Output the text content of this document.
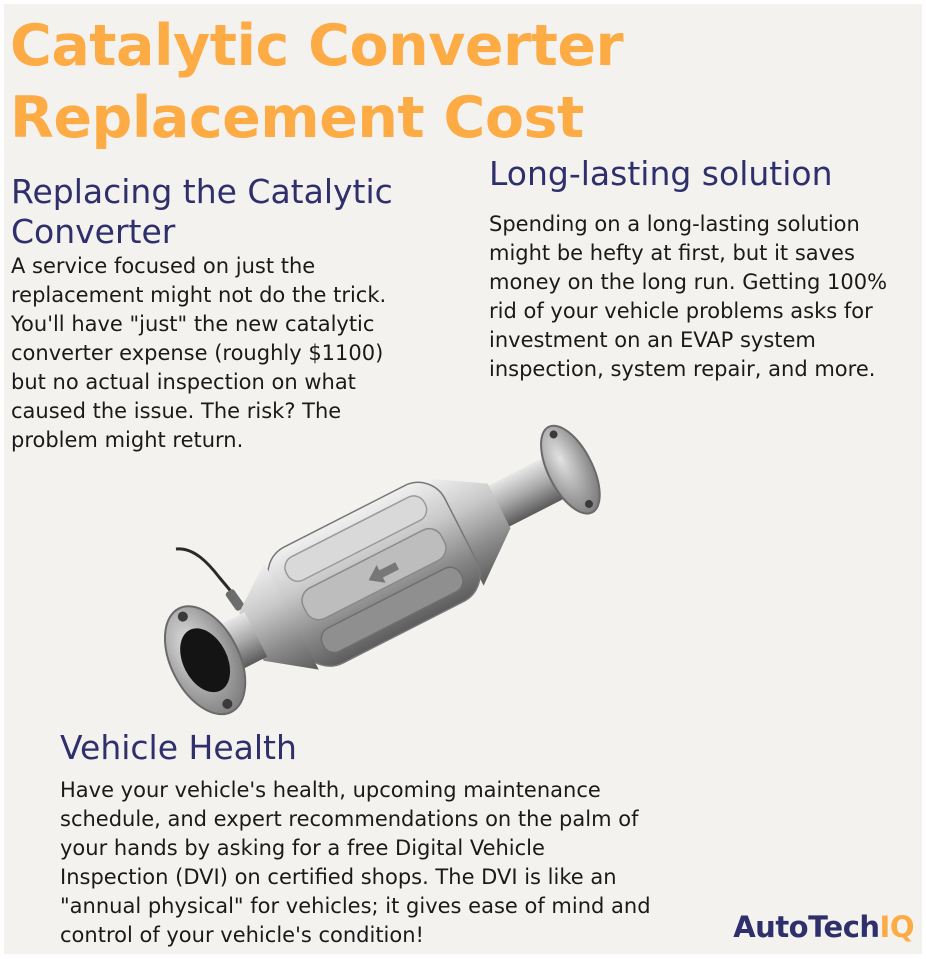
Catalytic Converter
Replacement Cost
Replacing the Catalytic
Converter
A service focused on just the
replacement might not do the trick.
You'll have "just" the new catalytic
converter expense (roughly $1100)
but no actual inspection on what
caused the issue. The risk? The
problem might return.
Long-lasting solution
Spending on a long-lasting solution
might be hefty at first, but it saves
money on the long run. Getting 100%
rid of your vehicle problems asks for
investment on an EVAP system
inspection, system repair, and more.
Vehicle Health
Have your vehicle's health, upcoming maintenance
schedule, and expert recommendations on the palm of
your hands by asking for a free Digital Vehicle
Inspection (DVI) on certified shops. The DVI is like an
"annual physical" for vehicles; it gives ease of mind and
control of your vehicle's condition!	AutoTechIQ
